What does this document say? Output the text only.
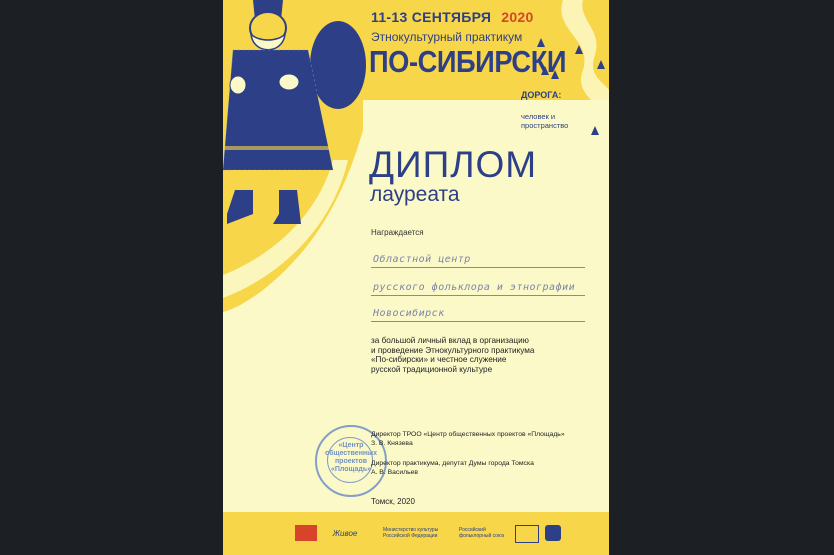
11-13 СЕНТЯБРЯ 2020
Этнокультурный практикум
ПО-СИБИРСКИ
ДОРОГА:
человек и пространство
ДИПЛОМ
лауреата
Награждается
Областной центр
русского фольклора и этнографии
Новосибирск
за большой личный вклад в организацию
и проведение Этнокультурного практикума
«По-сибирски» и честное служение
русской традиционной культуре
«Центр
общественных
проектов
«Площадь»
Директор ТРОО «Центр общественных проектов «Площадь»
З. В. Князева
Директор практикума, депутат Думы города Томска
А. В. Васильев
Томск, 2020
Живое	Министерство культуры Российской Федерации
Российский фольклорный союз
